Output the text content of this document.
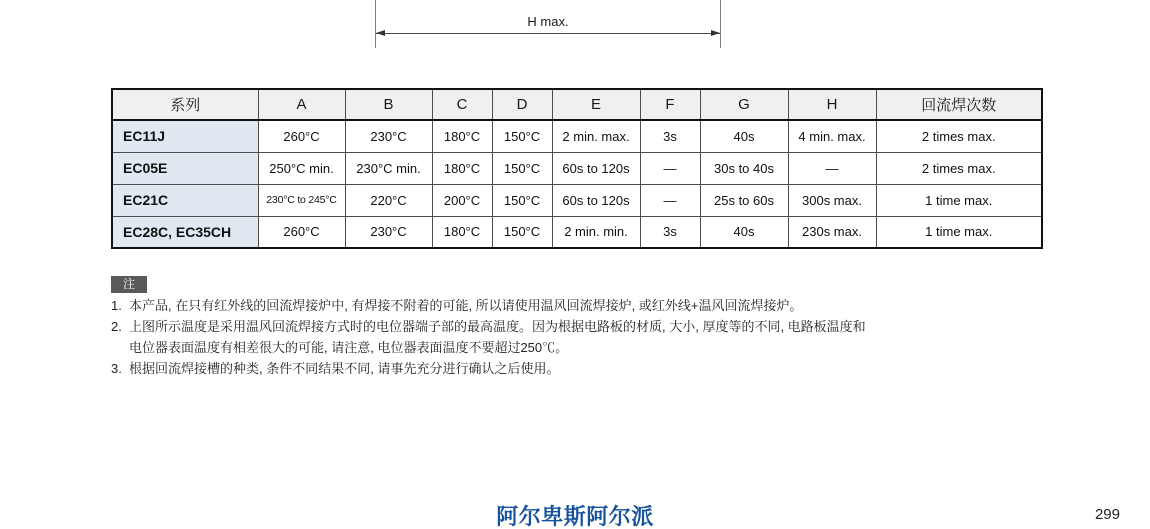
H max.
系列	A	B	C	D	E	F	G	H	回流焊次数
EC11J	260°C	230°C	180°C	150°C	2 min. max.	3s	40s	4 min. max.	2 times max.
EC05E	250°C min.	230°C min.	180°C	150°C	60s to 120s	—	30s to 40s	—	2 times max.
EC21C	230°C to 245°C	220°C	200°C	150°C	60s to 120s	—	25s to 60s	300s max.	1 time max.
EC28C, EC35CH	260°C	230°C	180°C	150°C	2 min. min.	3s	40s	230s max.	1 time max.
注
1. 本产品, 在只有红外线的回流焊接炉中, 有焊接不附着的可能, 所以请使用温风回流焊接炉, 或红外线+温风回流焊接炉。
2. 上图所示温度是采用温风回流焊接方式时的电位器端子部的最高温度。因为根据电路板的材质, 大小, 厚度等的不同, 电路板温度和电位器表面温度有相差很大的可能, 请注意, 电位器表面温度不要超过250℃。
3. 根据回流焊接槽的种类, 条件不同结果不同, 请事先充分进行确认之后使用。
阿尔卑斯阿尔派	299
